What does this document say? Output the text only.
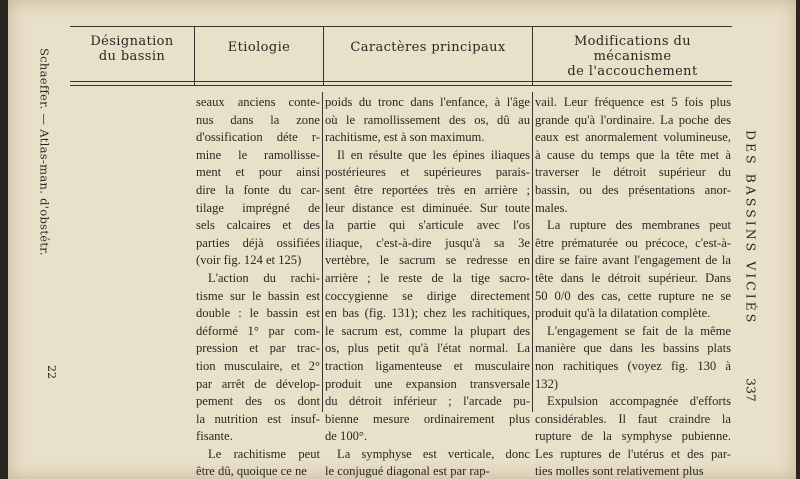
Schaeffer. — Atlas-man. d'obstétr.
22
DES BASSINS VICIÉS
337
Désignation
du bassin
Etiologie	Caractères principaux	Modifications du mécanisme
de l'accouchement
seaux anciens conte-
nus dans la zone
d'ossification déte r-
mine le ramollisse-
ment et pour ainsi
dire la fonte du car-
tilage imprégné de
sels calcaires et des
parties déjà ossifiées
(voir fig. 124 et 125)
L'action du rachi-
tisme sur le bassin est
double : le bassin est
déformé 1° par com-
pression et par trac-
tion musculaire, et 2°
par arrêt de dévelop-
pement des os dont
la nutrition est insuf-
fisante.
Le rachitisme peut
être dû, quoique ce ne
poids du tronc dans l'enfance, à l'âge
où le ramollissement des os, dû au
rachitisme, est à son maximum.
Il en résulte que les épines iliaques
postérieures et supérieures parais-
sent être reportées très en arrière ;
leur distance est diminuée. Sur toute
la partie qui s'articule avec l'os
iliaque, c'est-à-dire jusqu'à sa 3e
vertèbre, le sacrum se redresse en
arrière ; le reste de la tige sacro-
coccygienne se dirige directement
en bas (fig. 131); chez les rachitiques,
le sacrum est, comme la plupart des
os, plus petit qu'à l'état normal. La
traction ligamenteuse et musculaire
produit une expansion transversale
du détroit inférieur ; l'arcade pu-
bienne mesure ordinairement plus
de 100°.
La symphyse est verticale, donc
le conjugué diagonal est par rap-
vail. Leur fréquence est 5 fois plus
grande qu'à l'ordinaire. La poche des
eaux est anormalement volumineuse,
à cause du temps que la tête met à
traverser le détroit supérieur du
bassin, ou des présentations anor-
males.
La rupture des membranes peut
être prématurée ou précoce, c'est-à-
dire se faire avant l'engagement de la
tête dans le détroit supérieur. Dans
50 0/0 des cas, cette rupture ne se
produit qu'à la dilatation complète.
L'engagement se fait de la même
manière que dans les bassins plats
non rachitiques (voyez fig. 130 à
132)
Expulsion accompagnée d'efforts
considérables. Il faut craindre la
rupture de la symphyse pubienne.
Les ruptures de l'utérus et des par-
ties molles sont relativement plus
